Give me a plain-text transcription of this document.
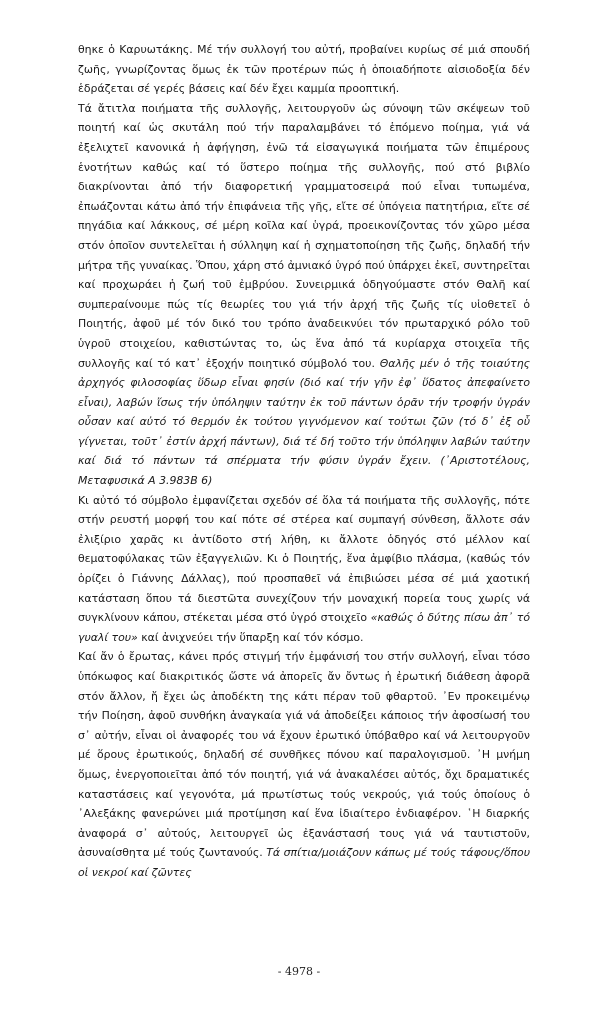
θηκε ὁ Καρυωτάκης. Μέ τήν συλλογή του αὐτή, προβαίνει κυρίως σέ μιά σπουδή ζωῆς, γνωρίζοντας ὅμως ἐκ τῶν προτέρων πώς ἡ ὁποιαδήποτε αἰσιοδοξία δέν ἑδράζεται σέ γερές βάσεις καί δέν ἔχει καμμία προοπτική.

Τά ἄτιτλα ποιήματα τῆς συλλογῆς, λειτουργοῦν ὡς σύνοψη τῶν σκέψεων τοῦ ποιητή καί ὡς σκυτάλη πού τήν παραλαμβάνει τό ἑπόμενο ποίημα, γιά νά ἐξελιχτεῖ κανονικά ἡ ἀφήγηση, ἐνῶ τά εἰσαγωγικά ποιήματα τῶν ἐπιμέρους ἑνοτήτων καθώς καί τό ὕστερο ποίημα τῆς συλλογῆς, πού στό βιβλίο διακρίνονται ἀπό τήν διαφορετική γραμματοσειρά πού εἶναι τυπωμένα, ἐπωάζονται κάτω ἀπό τήν ἐπιφάνεια τῆς γῆς, εἴτε σέ ὑπόγεια πατητήρια, εἴτε σέ πηγάδια καί λάκκους, σέ μέρη κοῖλα καί ὑγρά, προεικονίζοντας τόν χῶρο μέσα στόν ὁποῖον συντελεῖται ἡ σύλληψη καί ἡ σχηματοποίηση τῆς ζωῆς, δηλαδή τήν μήτρα τῆς γυναίκας. Ὅπου, χάρη στό ἀμνιακό ὑγρό πού ὑπάρχει ἐκεῖ, συντηρεῖται καί προχωράει ἡ ζωή τοῦ ἐμβρύου. Συνειρμικά ὁδηγούμαστε στόν Θαλῆ καί συμπεραίνουμε πώς τίς θεωρίες του γιά τήν ἀρχή τῆς ζωῆς τίς υἱοθετεῖ ὁ Ποιητής, ἀφοῦ μέ τόν δικό του τρόπο ἀναδεικνύει τόν πρωταρχικό ρόλο τοῦ ὑγροῦ στοιχείου, καθιστώντας το, ὡς ἕνα ἀπό τά κυρίαρχα στοιχεῖα τῆς συλλογῆς καί τό κατ᾽ ἐξοχήν ποιητικό σύμβολό του. Θαλῆς μέν ὁ τῆς τοιαύτης ἀρχηγός φιλοσοφίας ὕδωρ εἶναι φησίν (διό καί τήν γῆν ἐφ᾽ ὕδατος ἀπεφαίνετο εἶναι), λαβών ἴσως τήν ὑπόληψιν ταύτην ἐκ τοῦ πάντων ὁρᾶν τήν τροφήν ὑγράν οὖσαν καί αὐτό τό θερμόν ἐκ τούτου γιγνόμενον καί τούτωι ζῶν (τό δ᾽ ἐξ οὗ γίγνεται, τοῦτ᾽ ἐστίν ἀρχή πάντων), διά τέ δή τοῦτο τήν ὑπόληψιν λαβών ταύτην καί διά τό πάντων τά σπέρματα τήν φύσιν ὑγράν ἔχειν. (᾽Αριστοτέλους, Μεταφυσικά Α 3.983Β 6)

Κι αὐτό τό σύμβολο ἐμφανίζεται σχεδόν σέ ὅλα τά ποιήματα τῆς συλλογῆς, πότε στήν ρευστή μορφή του καί πότε σέ στέρεα καί συμπαγή σύνθεση, ἄλλοτε σάν ἐλιξίριο χαρᾶς κι ἀντίδοτο στή λήθη, κι ἄλλοτε ὁδηγός στό μέλλον καί θεματοφύλακας τῶν ἐξαγγελιῶν. Κι ὁ Ποιητής, ἕνα ἀμφίβιο πλάσμα, (καθώς τόν ὁρίζει ὁ Γιάννης Δάλλας), πού προσπαθεῖ νά ἐπιβιώσει μέσα σέ μιά χαοτική κατάσταση ὅπου τά διεστῶτα συνεχίζουν τήν μοναχική πορεία τους χωρίς νά συγκλίνουν κάπου, στέκεται μέσα στό ὑγρό στοιχεῖο «καθώς ὁ δύτης πίσω ἀπ᾽ τό γυαλί του» καί ἀνιχνεύει τήν ὕπαρξη καί τόν κόσμο.

Καί ἄν ὁ ἔρωτας, κάνει πρός στιγμή τήν ἐμφάνισή του στήν συλλογή, εἶναι τόσο ὑπόκωφος καί διακριτικός ὥστε νά ἀπορεῖς ἄν ὄντως ἡ ἐρωτική διάθεση ἀφορᾶ στόν ἄλλον, ἤ ἔχει ὡς ἀποδέκτη της κάτι πέραν τοῦ φθαρτοῦ. ᾽Εν προκειμένῳ τήν Ποίηση, ἀφοῦ συνθήκη ἀναγκαία γιά νά ἀποδείξει κάποιος τήν ἀφοσίωσή του σ᾽ αὐτήν, εἶναι οἱ ἀναφορές του νά ἔχουν ἐρωτικό ὑπόβαθρο καί νά λειτουργοῦν μέ ὅρους ἐρωτικούς, δηλαδή σέ συνθῆκες πόνου καί παραλογισμοῦ. ᾽Η μνήμη ὅμως, ἐνεργοποιεῖται ἀπό τόν ποιητή, γιά νά ἀνακαλέσει αὐτός, ὄχι δραματικές καταστάσεις καί γεγονότα, μά πρωτίστως τούς νεκρούς, γιά τούς ὁποίους ὁ ᾽Αλεξάκης φανερώνει μιά προτίμηση καί ἕνα ἰδιαίτερο ἐνδιαφέρον. ῾Η διαρκής ἀναφορά σ᾽ αὐτούς, λειτουργεῖ ὡς ἐξανάστασή τους γιά νά ταυτιστοῦν, ἀσυναίσθητα μέ τούς ζωντανούς. Τά σπίτια/μοιάζουν κάπως μέ τούς τάφους/ὅπου οἱ νεκροί καί ζῶντες

- 4978 -
